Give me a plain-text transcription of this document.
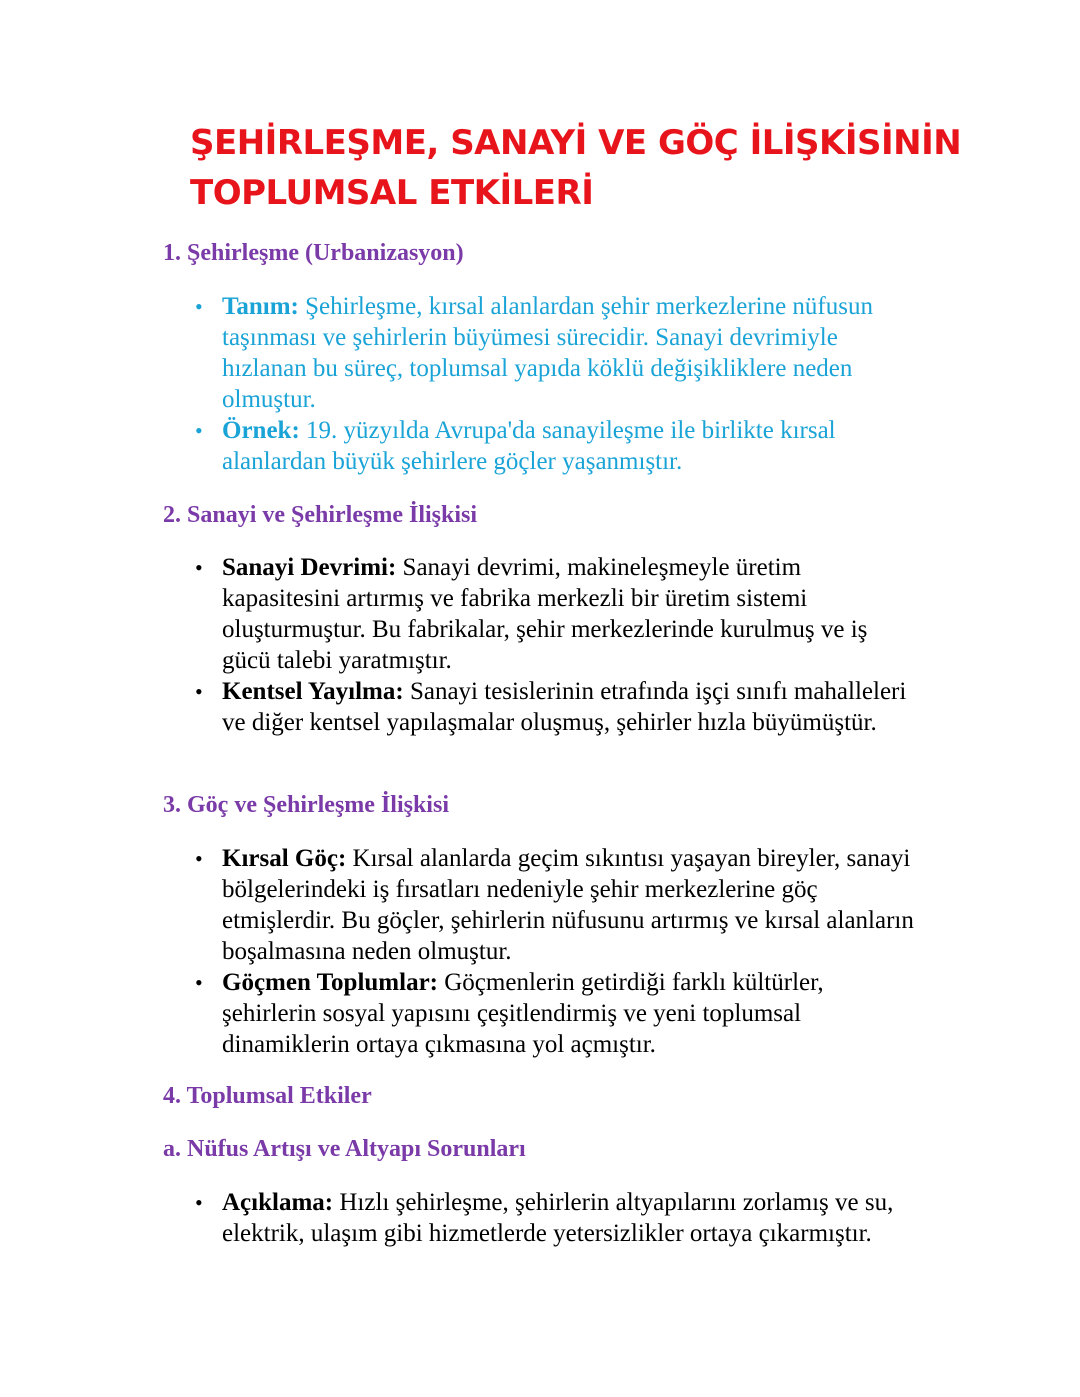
ŞEHİRLEŞME, SANAYİ VE GÖÇ İLİŞKİSİNİN
TOPLUMSAL ETKİLERİ
1. Şehirleşme (Urbanizasyon)
• Tanım: Şehirleşme, kırsal alanlardan şehir merkezlerine nüfusun taşınması ve şehirlerin büyümesi sürecidir. Sanayi devrimiyle hızlanan bu süreç, toplumsal yapıda köklü değişikliklere neden olmuştur.
• Örnek: 19. yüzyılda Avrupa'da sanayileşme ile birlikte kırsal alanlardan büyük şehirlere göçler yaşanmıştır.
2. Sanayi ve Şehirleşme İlişkisi
• Sanayi Devrimi: Sanayi devrimi, makineleşmeyle üretim kapasitesini artırmış ve fabrika merkezli bir üretim sistemi oluşturmuştur. Bu fabrikalar, şehir merkezlerinde kurulmuş ve iş gücü talebi yaratmıştır.
• Kentsel Yayılma: Sanayi tesislerinin etrafında işçi sınıfı mahalleleri ve diğer kentsel yapılaşmalar oluşmuş, şehirler hızla büyümüştür.
3. Göç ve Şehirleşme İlişkisi
• Kırsal Göç: Kırsal alanlarda geçim sıkıntısı yaşayan bireyler, sanayi bölgelerindeki iş fırsatları nedeniyle şehir merkezlerine göç etmişlerdir. Bu göçler, şehirlerin nüfusunu artırmış ve kırsal alanların boşalmasına neden olmuştur.
• Göçmen Toplumlar: Göçmenlerin getirdiği farklı kültürler, şehirlerin sosyal yapısını çeşitlendirmiş ve yeni toplumsal dinamiklerin ortaya çıkmasına yol açmıştır.
4. Toplumsal Etkiler
a. Nüfus Artışı ve Altyapı Sorunları
• Açıklama: Hızlı şehirleşme, şehirlerin altyapılarını zorlamış ve su, elektrik, ulaşım gibi hizmetlerde yetersizlikler ortaya çıkarmıştır.
